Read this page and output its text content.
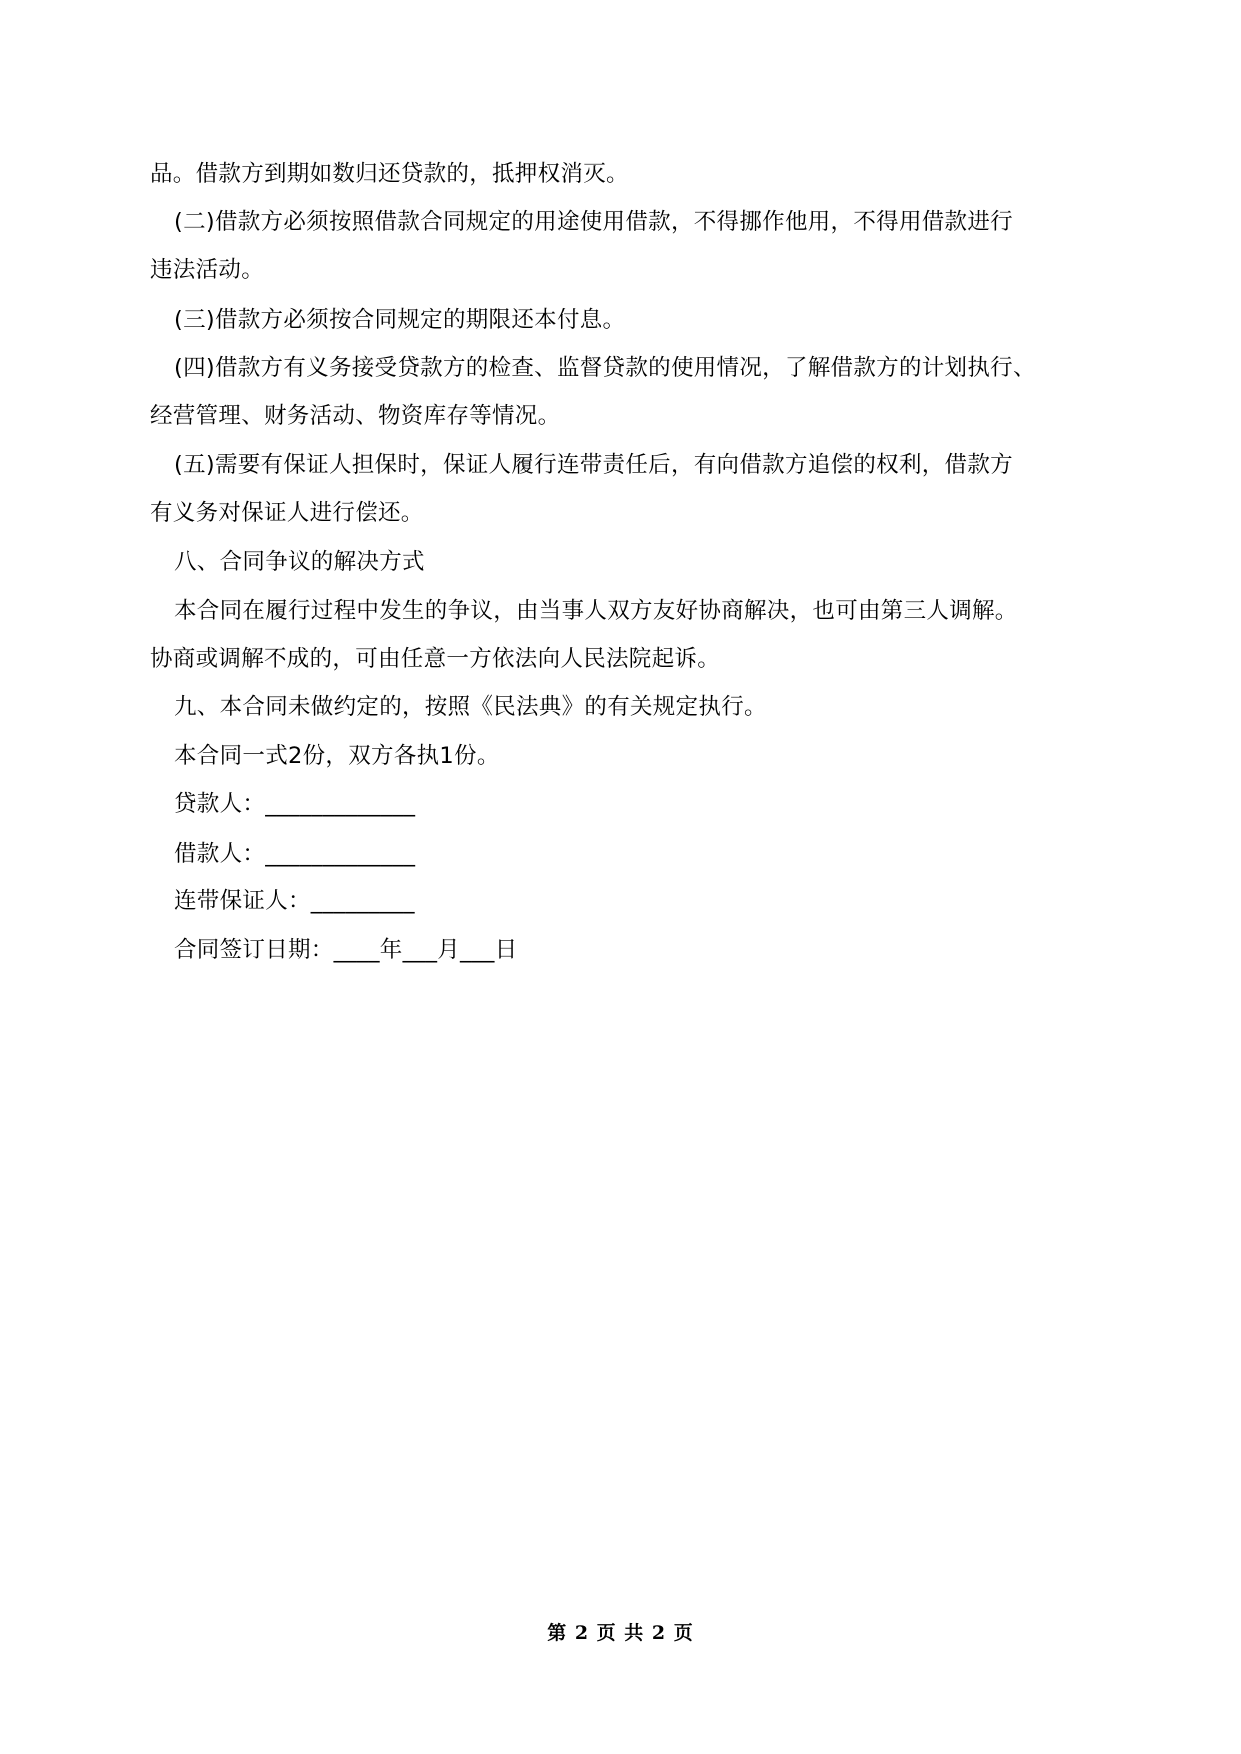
品。借款方到期如数归还贷款的，抵押权消灭。
(二)借款方必须按照借款合同规定的用途使用借款，不得挪作他用，不得用借款进行
违法活动。
(三)借款方必须按合同规定的期限还本付息。
(四)借款方有义务接受贷款方的检查、监督贷款的使用情况，了解借款方的计划执行、
经营管理、财务活动、物资库存等情况。
(五)需要有保证人担保时，保证人履行连带责任后，有向借款方追偿的权利，借款方
有义务对保证人进行偿还。
八、合同争议的解决方式
本合同在履行过程中发生的争议，由当事人双方友好协商解决，也可由第三人调解。
协商或调解不成的，可由任意一方依法向人民法院起诉。
九、本合同未做约定的，按照《民法典》的有关规定执行。
本合同一式2份，双方各执1份。
贷款人：_____________
借款人：_____________
连带保证人：_________
合同签订日期：____年___月___日
第 2 页 共 2 页
